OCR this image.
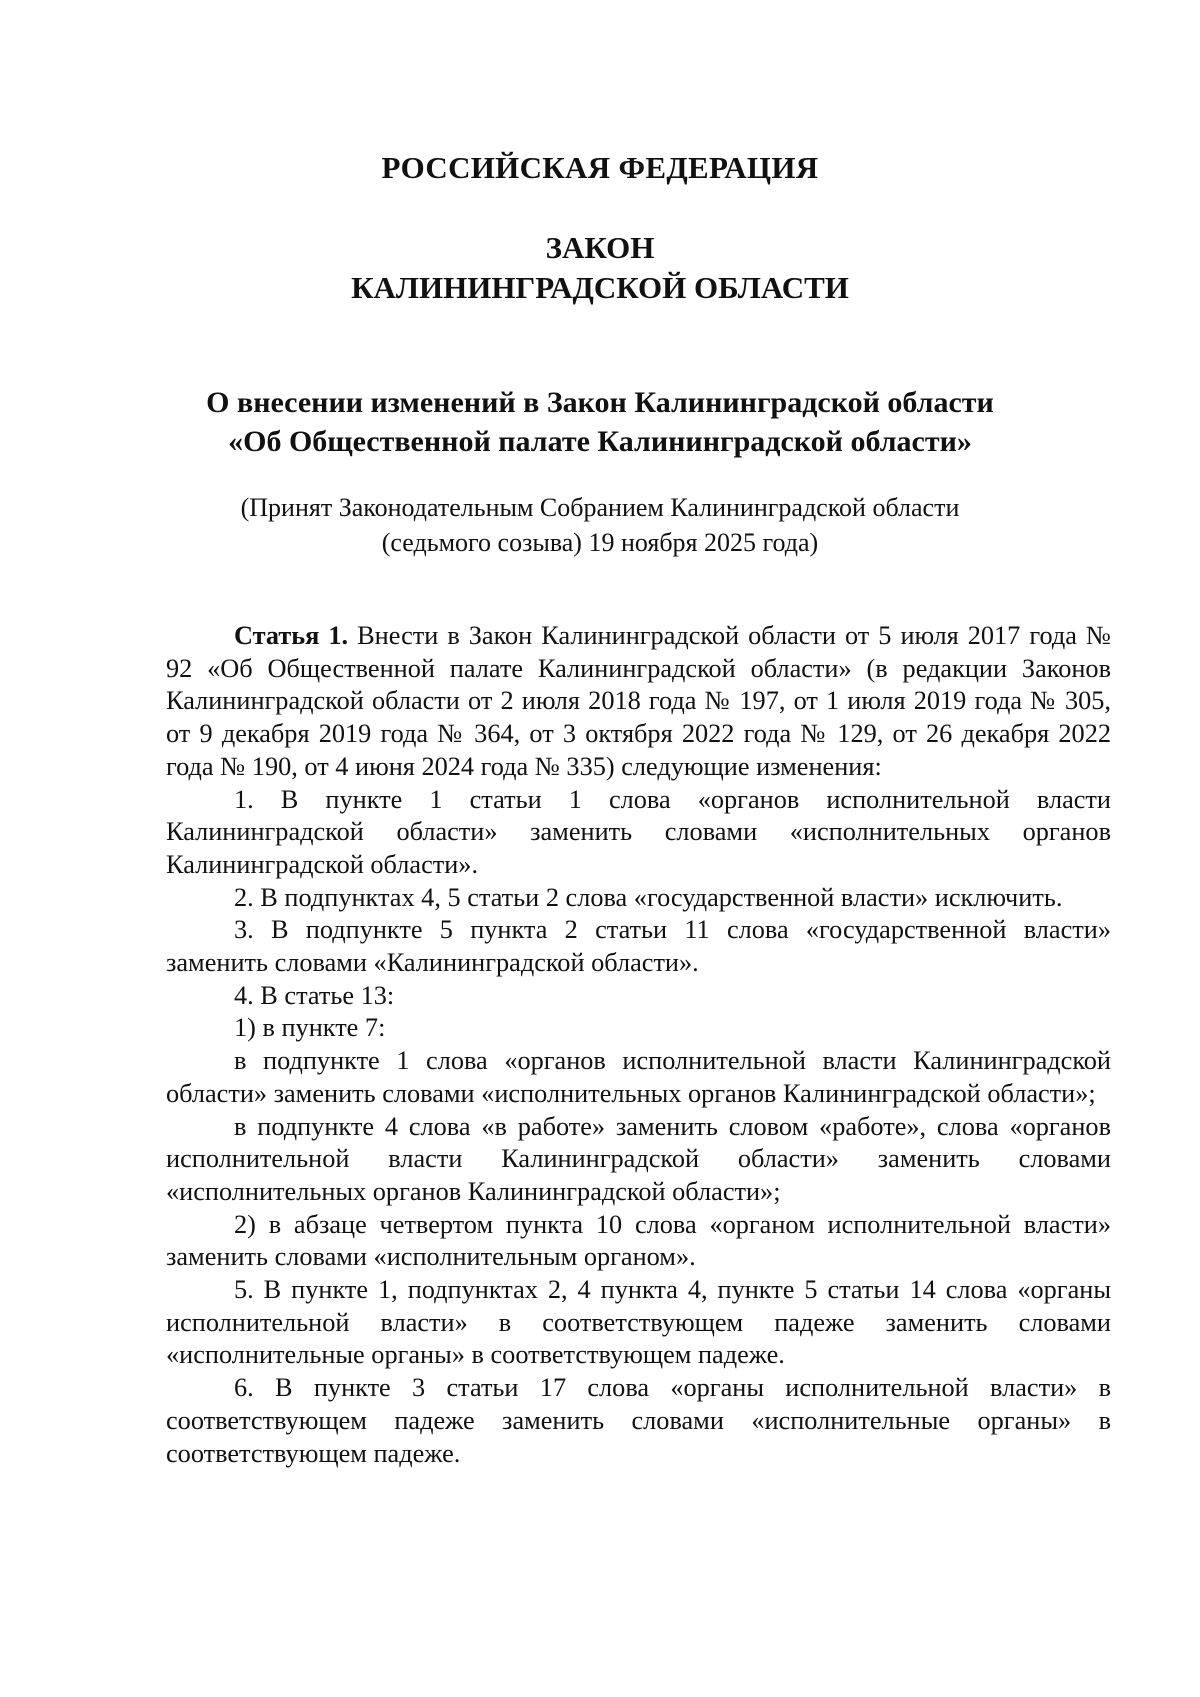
РОССИЙСКАЯ ФЕДЕРАЦИЯ
ЗАКОН
КАЛИНИНГРАДСКОЙ ОБЛАСТИ
О внесении изменений в Закон Калининградской области
«Об Общественной палате Калининградской области»
(Принят Законодательным Собранием Калининградской области
(седьмого созыва) 19 ноября 2025 года)

Статья 1. Внести в Закон Калининградской области от 5 июля 2017 года № 92 «Об Общественной палате Калининградской области» (в редакции Законов Калининградской области от 2 июля 2018 года № 197, от 1 июля 2019 года № 305, от 9 декабря 2019 года № 364, от 3 октября 2022 года № 129, от 26 декабря 2022 года № 190, от 4 июня 2024 года № 335) следующие изменения:

1. В пункте 1 статьи 1 слова «органов исполнительной власти Калининградской области» заменить словами «исполнительных органов Калининградской области».

2. В подпунктах 4, 5 статьи 2 слова «государственной власти» исключить.

3. В подпункте 5 пункта 2 статьи 11 слова «государственной власти» заменить словами «Калининградской области».

4. В статье 13:

1) в пункте 7:

в подпункте 1 слова «органов исполнительной власти Калининградской области» заменить словами «исполнительных органов Калининградской области»;

в подпункте 4 слова «в работе» заменить словом «работе», слова «органов исполнительной власти Калининградской области» заменить словами «исполнительных органов Калининградской области»;

2) в абзаце четвертом пункта 10 слова «органом исполнительной власти» заменить словами «исполнительным органом».

5. В пункте 1, подпунктах 2, 4 пункта 4, пункте 5 статьи 14 слова «органы исполнительной власти» в соответствующем падеже заменить словами «исполнительные органы» в соответствующем падеже.

6. В пункте 3 статьи 17 слова «органы исполнительной власти» в соответствующем падеже заменить словами «исполнительные органы» в соответствующем падеже.
